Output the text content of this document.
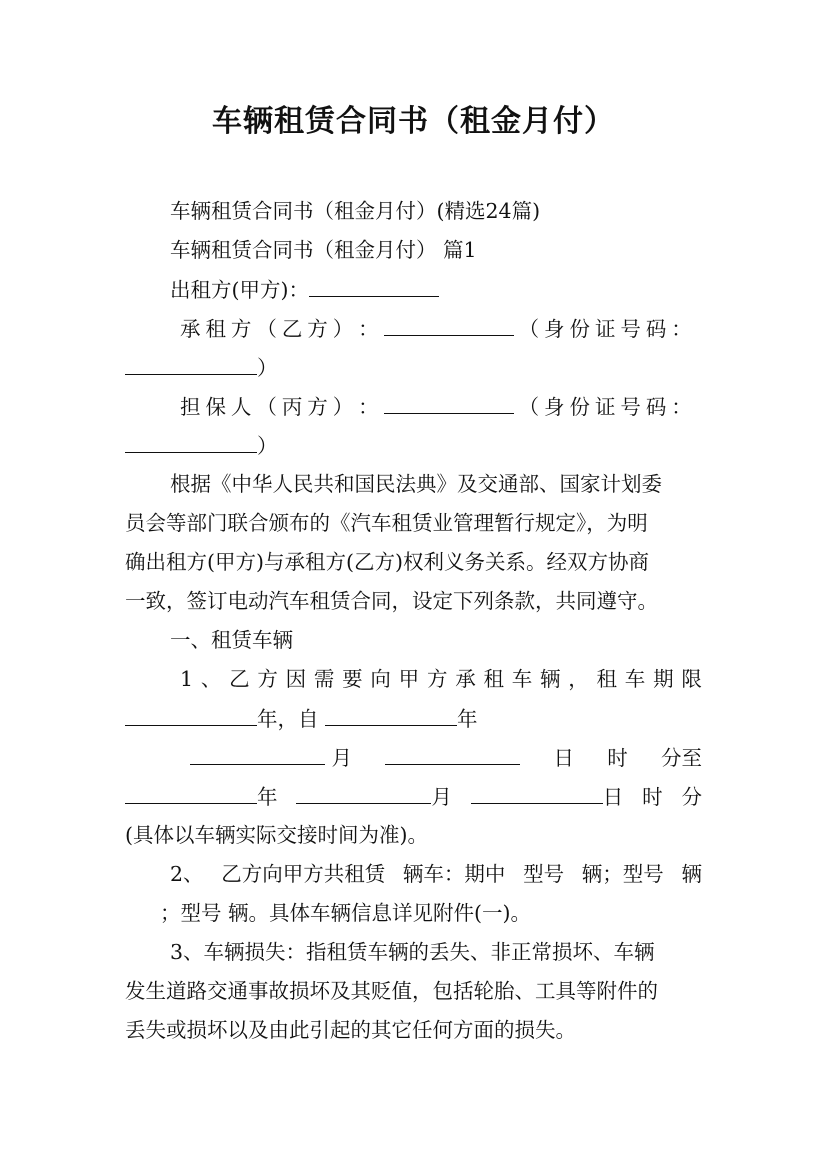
车辆租赁合同书（租金月付）
车辆租赁合同书（租金月付）(精选24篇)
车辆租赁合同书（租金月付） 篇1
出租方(甲方)：
承 租 方 （ 乙 方 ） ：	（ 身 份 证 号 码 ：
）
担 保 人 （ 丙 方 ） ：	（ 身 份 证 号 码 ：
）
根据《中华人民共和国民法典》及交通部、国家计划委
员会等部门联合颁布的《汽车租赁业管理暂行规定》，为明
确出租方(甲方)与承租方(乙方)权利义务关系。经双方协商
一致，签订电动汽车租赁合同，设定下列条款，共同遵守。
一、租赁车辆
1 、 乙 方 因 需 要 向 甲 方 承 租 车 辆 ， 租 车 期 限
年，自	年
月	日 时 分至
年	月	日 时 分
(具体以车辆实际交接时间为准)。
2、 乙方向甲方共租赁 辆车：期中 型号 辆；型号 辆
；型号 辆。具体车辆信息详见附件(一)。
3、车辆损失：指租赁车辆的丢失、非正常损坏、车辆
发生道路交通事故损坏及其贬值，包括轮胎、工具等附件的
丢失或损坏以及由此引起的其它任何方面的损失。
